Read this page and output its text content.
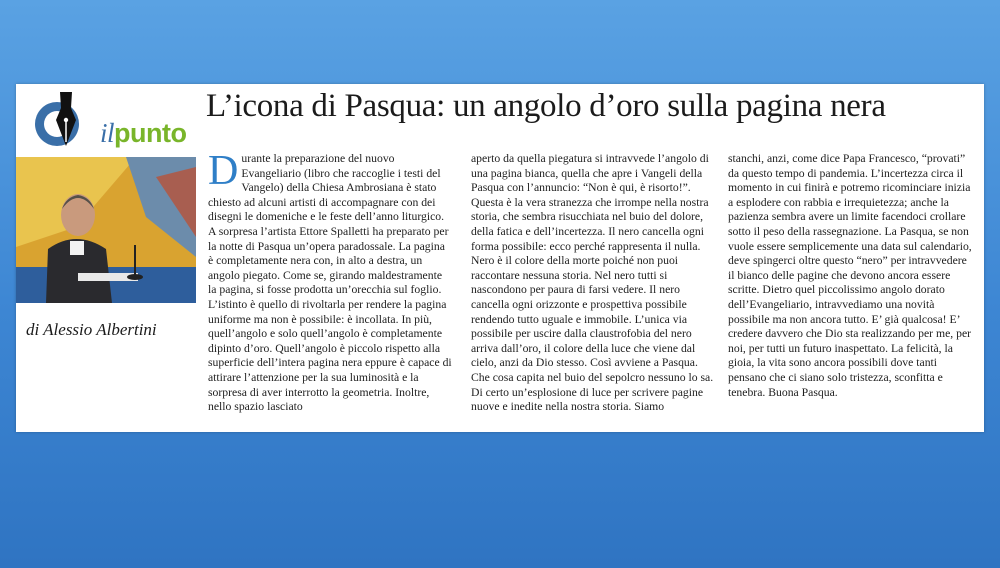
ilpunto
L’icona di Pasqua: un angolo d’oro sulla pagina nera
di Alessio Albertini
Durante la preparazione del nuovo Evangeliario (libro che raccoglie i testi del Vangelo) della Chiesa Ambrosiana è stato chiesto ad alcuni artisti di accompagnare con dei disegni le domeniche e le feste dell’anno liturgico. A sorpresa l’artista Ettore Spalletti ha preparato per la notte di Pasqua un’opera paradossale. La pagina è completamente nera con, in alto a destra, un angolo piegato. Come se, girando maldestramente la pagina, si fosse prodotta un’orecchia sul foglio. L’istinto è quello di rivoltarla per rendere la pagina uniforme ma non è possibile: è incollata. In più, quell’angolo e solo quell’angolo è completamente dipinto d’oro. Quell’angolo è piccolo rispetto alla superficie dell’intera pagina nera eppure è capace di attirare l’attenzione per la sua luminosità e la sorpresa di aver interrotto la geometria. Inoltre, nello spazio lasciato
aperto da quella piegatura si intravvede l’angolo di una pagina bianca, quella che apre i Vangeli della Pasqua con l’annuncio: “Non è qui, è risorto!”. Questa è la vera stranezza che irrompe nella nostra storia, che sembra risucchiata nel buio del dolore, della fatica e dell’incertezza. Il nero cancella ogni forma possibile: ecco perché rappresenta il nulla. Nero è il colore della morte poiché non puoi raccontare nessuna storia. Nel nero tutti si nascondono per paura di farsi vedere. Il nero cancella ogni orizzonte e prospettiva possibile rendendo tutto uguale e immobile. L’unica via possibile per uscire dalla claustrofobia del nero arriva dall’oro, il colore della luce che viene dal cielo, anzi da Dio stesso. Così avviene a Pasqua. Che cosa capita nel buio del sepolcro nessuno lo sa. Di certo un’esplosione di luce per scrivere pagine nuove e inedite nella nostra storia. Siamo
stanchi, anzi, come dice Papa Francesco, “provati” da questo tempo di pandemia. L’incertezza circa il momento in cui finirà e potremo ricominciare inizia a esplodere con rabbia e irrequietezza; anche la pazienza sembra avere un limite facendoci crollare sotto il peso della rassegnazione. La Pasqua, se non vuole essere semplicemente una data sul calendario, deve spingerci oltre questo “nero” per intravvedere il bianco delle pagine che devono ancora essere scritte. Dietro quel piccolissimo angolo dorato dell’Evangeliario, intravvediamo una novità possibile ma non ancora tutto. E’ già qualcosa! E’ credere davvero che Dio sta realizzando per me, per noi, per tutti un futuro inaspettato. La felicità, la gioia, la vita sono ancora possibili dove tanti pensano che ci siano solo tristezza, sconfitta e tenebra. Buona Pasqua.
